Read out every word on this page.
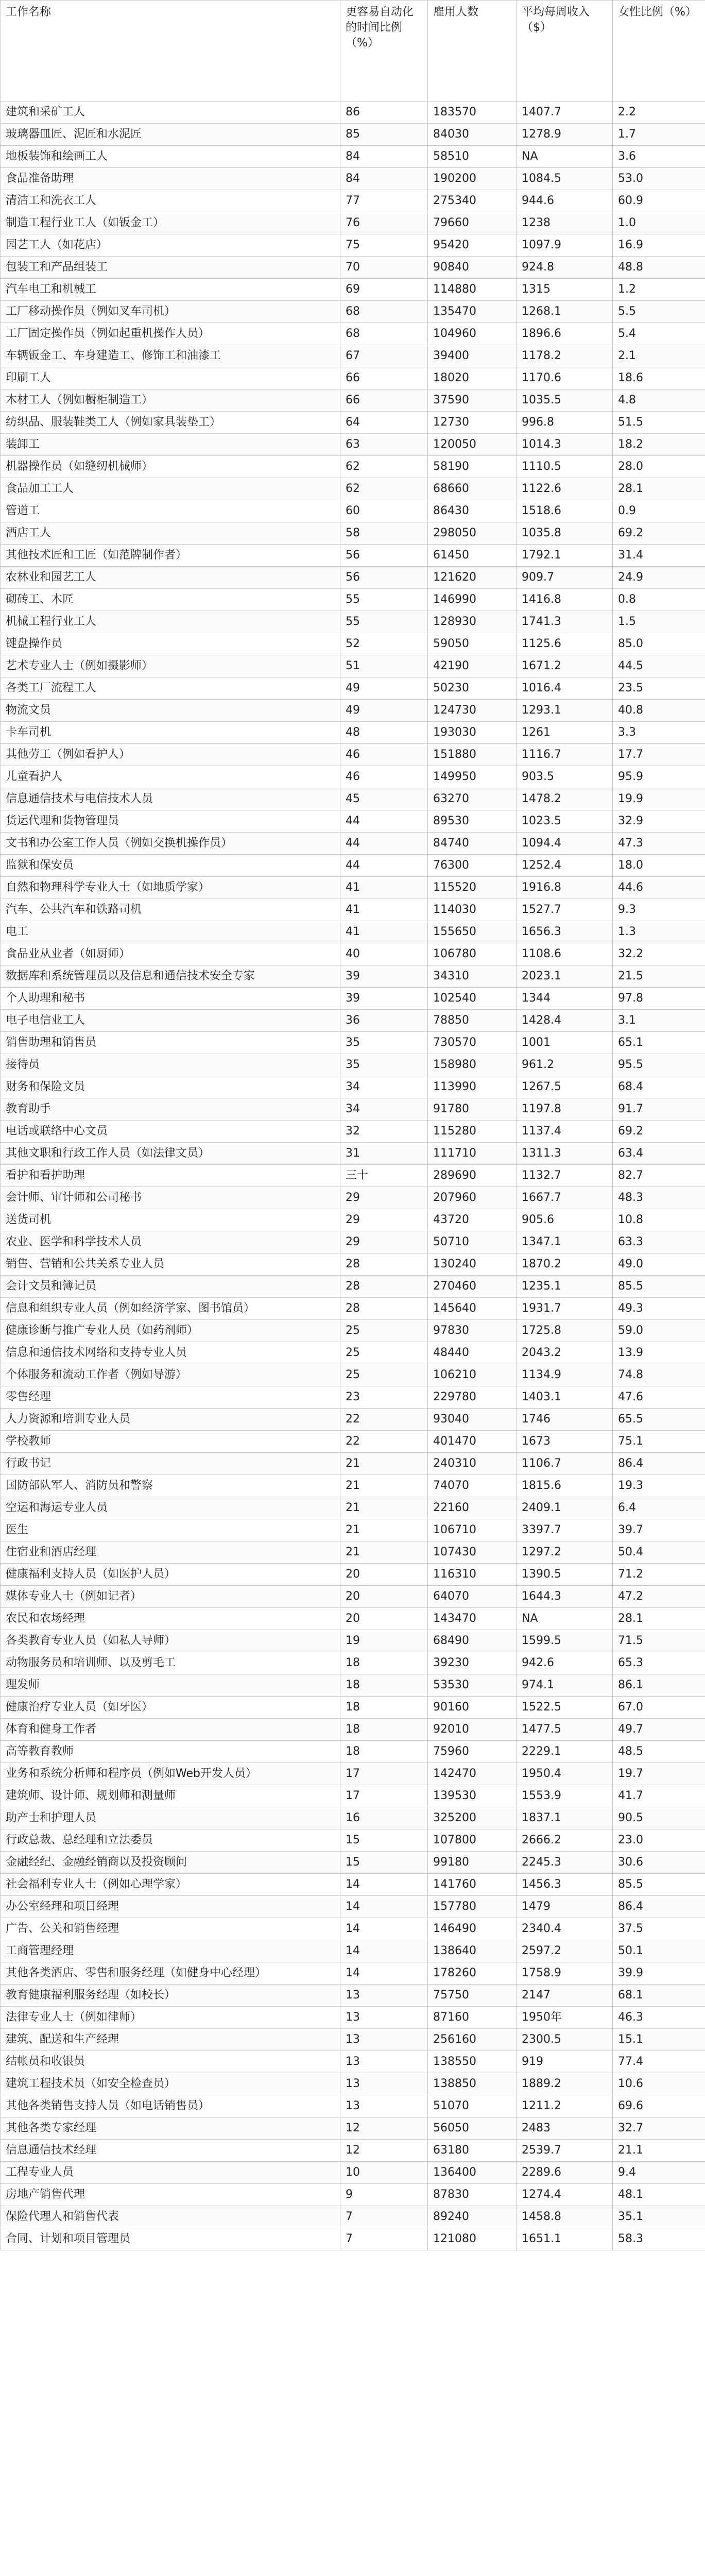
工作名称	更容易自动化的时间比例（%）	雇用人数	平均每周收入（$）	女性比例（%）
建筑和采矿工人	86	183570	1407.7	2.2
玻璃器皿匠、泥匠和水泥匠	85	84030	1278.9	1.7
地板装饰和绘画工人	84	58510	NA	3.6
食品准备助理	84	190200	1084.5	53.0
清洁工和洗衣工人	77	275340	944.6	60.9
制造工程行业工人（如钣金工）	76	79660	1238	1.0
园艺工人（如花店）	75	95420	1097.9	16.9
包装工和产品组装工	70	90840	924.8	48.8
汽车电工和机械工	69	114880	1315	1.2
工厂移动操作员（例如叉车司机）	68	135470	1268.1	5.5
工厂固定操作员（例如起重机操作人员）	68	104960	1896.6	5.4
车辆钣金工、车身建造工、修饰工和油漆工	67	39400	1178.2	2.1
印刷工人	66	18020	1170.6	18.6
木材工人（例如橱柜制造工）	66	37590	1035.5	4.8
纺织品、服装鞋类工人（例如家具装垫工）	64	12730	996.8	51.5
装卸工	63	120050	1014.3	18.2
机器操作员（如缝纫机械师）	62	58190	1110.5	28.0
食品加工工人	62	68660	1122.6	28.1
管道工	60	86430	1518.6	0.9
酒店工人	58	298050	1035.8	69.2
其他技术匠和工匠（如范牌制作者）	56	61450	1792.1	31.4
农林业和园艺工人	56	121620	909.7	24.9
砌砖工、木匠	55	146990	1416.8	0.8
机械工程行业工人	55	128930	1741.3	1.5
键盘操作员	52	59050	1125.6	85.0
艺术专业人士（例如摄影师）	51	42190	1671.2	44.5
各类工厂流程工人	49	50230	1016.4	23.5
物流文员	49	124730	1293.1	40.8
卡车司机	48	193030	1261	3.3
其他劳工（例如看护人）	46	151880	1116.7	17.7
儿童看护人	46	149950	903.5	95.9
信息通信技术与电信技术人员	45	63270	1478.2	19.9
货运代理和货物管理员	44	89530	1023.5	32.9
文书和办公室工作人员（例如交换机操作员）	44	84740	1094.4	47.3
监狱和保安员	44	76300	1252.4	18.0
自然和物理科学专业人士（如地质学家）	41	115520	1916.8	44.6
汽车、公共汽车和铁路司机	41	114030	1527.7	9.3
电工	41	155650	1656.3	1.3
食品业从业者（如厨师）	40	106780	1108.6	32.2
数据库和系统管理员以及信息和通信技术安全专家	39	34310	2023.1	21.5
个人助理和秘书	39	102540	1344	97.8
电子电信业工人	36	78850	1428.4	3.1
销售助理和销售员	35	730570	1001	65.1
接待员	35	158980	961.2	95.5
财务和保险文员	34	113990	1267.5	68.4
教育助手	34	91780	1197.8	91.7
电话或联络中心文员	32	115280	1137.4	69.2
其他文职和行政工作人员（如法律文员）	31	111710	1311.3	63.4
看护和看护助理	三十	289690	1132.7	82.7
会计师、审计师和公司秘书	29	207960	1667.7	48.3
送货司机	29	43720	905.6	10.8
农业、医学和科学技术人员	29	50710	1347.1	63.3
销售、营销和公共关系专业人员	28	130240	1870.2	49.0
会计文员和簿记员	28	270460	1235.1	85.5
信息和组织专业人员（例如经济学家、图书馆员）	28	145640	1931.7	49.3
健康诊断与推广专业人员（如药剂师）	25	97830	1725.8	59.0
信息和通信技术网络和支持专业人员	25	48440	2043.2	13.9
个体服务和流动工作者（例如导游）	25	106210	1134.9	74.8
零售经理	23	229780	1403.1	47.6
人力资源和培训专业人员	22	93040	1746	65.5
学校教师	22	401470	1673	75.1
行政书记	21	240310	1106.7	86.4
国防部队军人、消防员和警察	21	74070	1815.6	19.3
空运和海运专业人员	21	22160	2409.1	6.4
医生	21	106710	3397.7	39.7
住宿业和酒店经理	21	107430	1297.2	50.4
健康福利支持人员（如医护人员）	20	116310	1390.5	71.2
媒体专业人士（例如记者）	20	64070	1644.3	47.2
农民和农场经理	20	143470	NA	28.1
各类教育专业人员（如私人导师）	19	68490	1599.5	71.5
动物服务员和培训师、以及剪毛工	18	39230	942.6	65.3
理发师	18	53530	974.1	86.1
健康治疗专业人员（如牙医）	18	90160	1522.5	67.0
体育和健身工作者	18	92010	1477.5	49.7
高等教育教师	18	75960	2229.1	48.5
业务和系统分析师和程序员（例如Web开发人员）	17	142470	1950.4	19.7
建筑师、设计师、规划师和测量师	17	139530	1553.9	41.7
助产士和护理人员	16	325200	1837.1	90.5
行政总裁、总经理和立法委员	15	107800	2666.2	23.0
金融经纪、金融经销商以及投资顾问	15	99180	2245.3	30.6
社会福利专业人士（例如心理学家）	14	141760	1456.3	85.5
办公室经理和项目经理	14	157780	1479	86.4
广告、公关和销售经理	14	146490	2340.4	37.5
工商管理经理	14	138640	2597.2	50.1
其他各类酒店、零售和服务经理（如健身中心经理）	14	178260	1758.9	39.9
教育健康福利服务经理（如校长）	13	75750	2147	68.1
法律专业人士（例如律师）	13	87160	1950年	46.3
建筑、配送和生产经理	13	256160	2300.5	15.1
结帐员和收银员	13	138550	919	77.4
建筑工程技术员（如安全检查员）	13	138850	1889.2	10.6
其他各类销售支持人员（如电话销售员）	13	51070	1211.2	69.6
其他各类专家经理	12	56050	2483	32.7
信息通信技术经理	12	63180	2539.7	21.1
工程专业人员	10	136400	2289.6	9.4
房地产销售代理	9	87830	1274.4	48.1
保险代理人和销售代表	7	89240	1458.8	35.1
合同、计划和项目管理员	7	121080	1651.1	58.3
